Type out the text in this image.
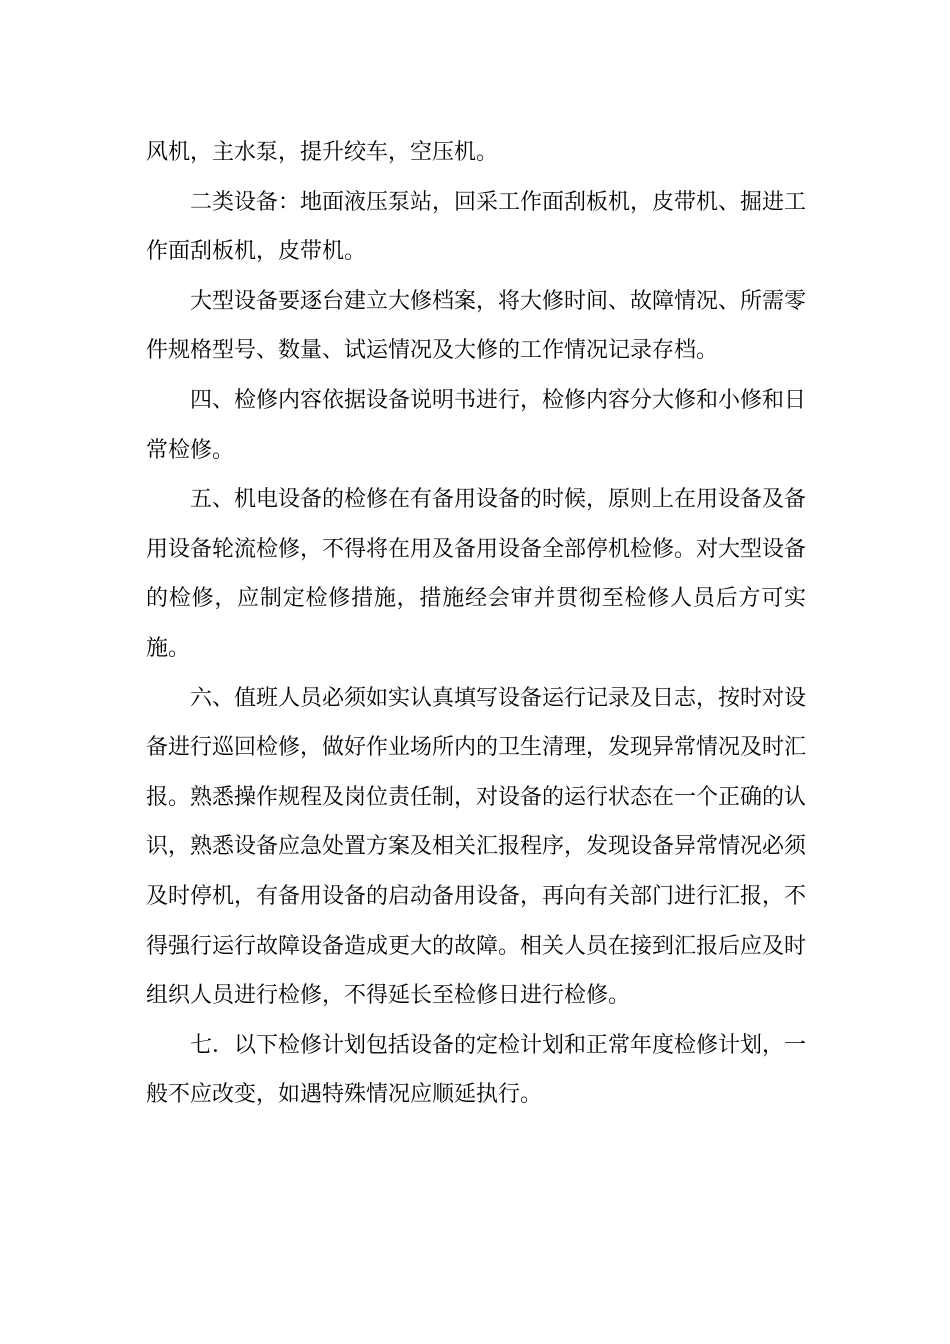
风机，主水泵，提升绞车，空压机。

二类设备：地面液压泵站，回采工作面刮板机，皮带机、掘进工作面刮板机，皮带机。

大型设备要逐台建立大修档案，将大修时间、故障情况、所需零件规格型号、数量、试运情况及大修的工作情况记录存档。

四、检修内容依据设备说明书进行，检修内容分大修和小修和日常检修。

五、机电设备的检修在有备用设备的时候，原则上在用设备及备用设备轮流检修，不得将在用及备用设备全部停机检修。对大型设备的检修，应制定检修措施，措施经会审并贯彻至检修人员后方可实施。

六、值班人员必须如实认真填写设备运行记录及日志，按时对设备进行巡回检修，做好作业场所内的卫生清理，发现异常情况及时汇报。熟悉操作规程及岗位责任制，对设备的运行状态在一个正确的认识，熟悉设备应急处置方案及相关汇报程序，发现设备异常情况必须及时停机，有备用设备的启动备用设备，再向有关部门进行汇报，不得强行运行故障设备造成更大的故障。相关人员在接到汇报后应及时组织人员进行检修，不得延长至检修日进行检修。

七．以下检修计划包括设备的定检计划和正常年度检修计划，一般不应改变，如遇特殊情况应顺延执行。
